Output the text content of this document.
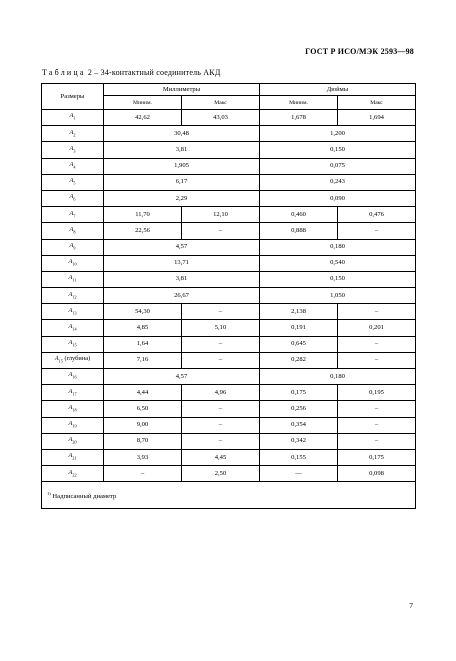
ГОСТ Р ИСО/МЭК 2593—98
Таблица 2 – 34-контактный соединитель АКД
Размеры	Миллиметры		Дюймы	
	Миним.	Макс	Миним.	Макс
$A_1$	42,62	43,03	1,678	1,694
$A_2$	30,48		1,200	
$A_3$	3,81		0,150	
$A_4$	1,905		0,075	
$A_5$	6,17		0,243	
$A_6$	2,29		0,090	
$A_7$	11,70	12,10	0,460	0,476
$A_8$	22,56	–	0,888	–
$A_9$	4,57		0,180	
$A_{10}$	13,71		0,540	
$A_{11}$	3,81		0,150	
$A_{12}$	26,67		1,050	
$A_{13}$	54,30	–	2,138	–
$A_{14}$	4,85	5,10	0,191	0,201
$A_{15}$	1,64	–	0,645	–
$A_{15}$ (глубина)	7,16	–	0,282	–
$A_{16}$	4,57		0,180	
$A_{17}$	4,44	4,96	0,175	0,195
$A_{18}$	6,50	–	0,256	–
$A_{19}$	9,00	–	0,354	–
$A_{20}$	8,70	–	0,342	–
$A_{21}$	3,93	4,45	0,155	0,175
$A_{22}$	–	2,50	—	0,098
$^{1)}$ Надписанный диаметр				
7
